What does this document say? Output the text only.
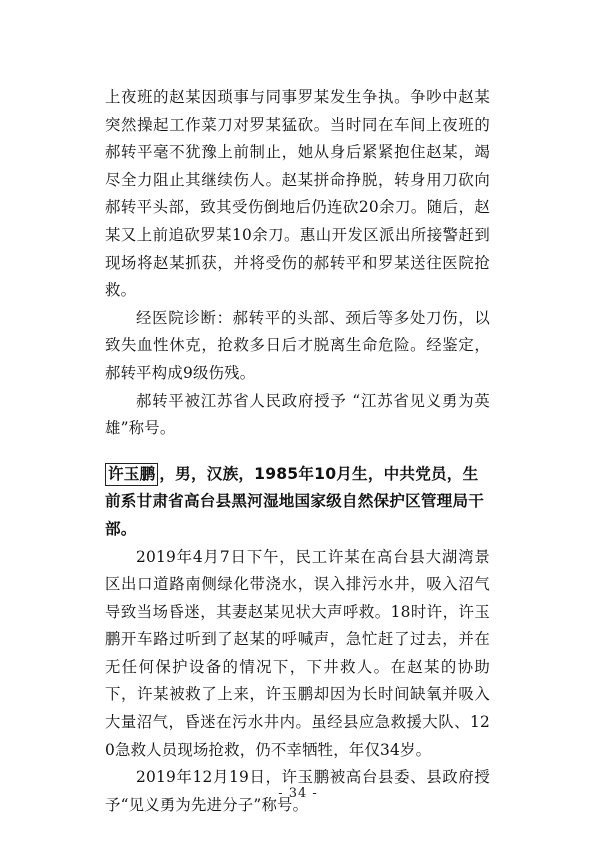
上夜班的赵某因琐事与同事罗某发生争执。争吵中赵某突然操起工作菜刀对罗某猛砍。当时同在车间上夜班的郝转平毫不犹豫上前制止，她从身后紧紧抱住赵某，竭尽全力阻止其继续伤人。赵某拼命挣脱，转身用刀砍向郝转平头部，致其受伤倒地后仍连砍20余刀。随后，赵某又上前追砍罗某10余刀。惠山开发区派出所接警赶到现场将赵某抓获，并将受伤的郝转平和罗某送往医院抢救。

经医院诊断：郝转平的头部、颈后等多处刀伤，以致失血性休克，抢救多日后才脱离生命危险。经鉴定，郝转平构成9级伤残。

郝转平被江苏省人民政府授予 “江苏省见义勇为英雄”称号。

许玉鹏 ，男，汉族，1985年10月生，中共党员，生前系甘肃省高台县黑河湿地国家级自然保护区管理局干部。

2019年4月7日下午，民工许某在高台县大湖湾景区出口道路南侧绿化带浇水，误入排污水井，吸入沼气导致当场昏迷，其妻赵某见状大声呼救。18时许，许玉鹏开车路过听到了赵某的呼喊声，急忙赶了过去，并在无任何保护设备的情况下，下井救人。在赵某的协助下，许某被救了上来，许玉鹏却因为长时间缺氧并吸入大量沼气，昏迷在污水井内。虽经县应急救援大队、120急救人员现场抢救，仍不幸牺牲，年仅34岁。

2019年12月19日，许玉鹏被高台县委、县政府授予“见义勇为先进分子”称号。

- 34 -
